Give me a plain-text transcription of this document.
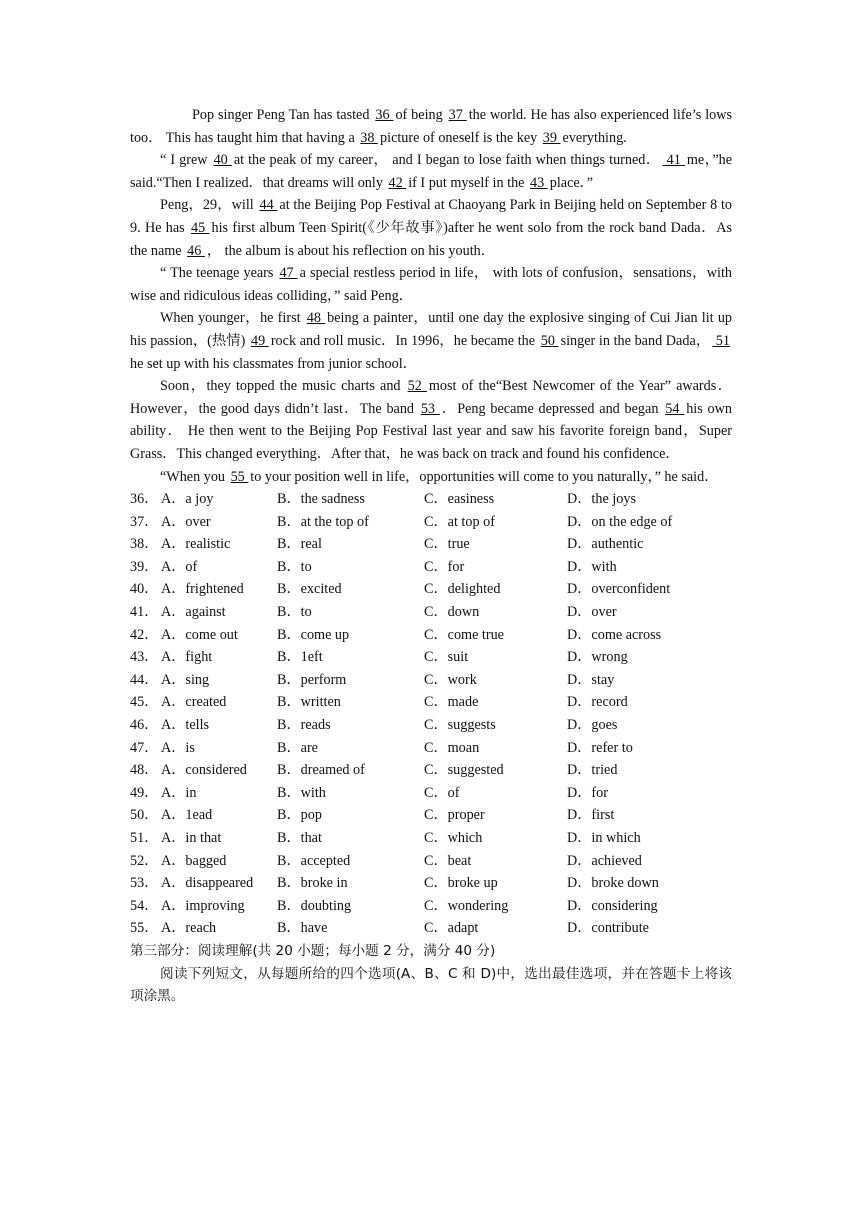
Pop singer Peng Tan has tasted 36 of being 37 the world. He has also experienced life’s lows too． This has taught him that having a 38 picture of oneself is the key 39 everything.

“ I grew 40 at the peak of my career， and I began to lose faith when things turned． 41 me，”he said.“Then I realized．that dreams will only 42 if I put myself in the 43 place．”

Peng，29，will 44 at the Beijing Pop Festival at Chaoyang Park in Beijing held on September 8 to 9. He has 45 his first album Teen Spirit(《少年故事》)after he went solo from the rock band Dada．As the name 46 ， the album is about his reflection on his youth．

“ The teenage years 47 a special restless period in life， with lots of confusion，sensations，with wise and ridiculous ideas colliding，” said Peng．

When younger，he first 48 being a painter，until one day the explosive singing of Cui Jian lit up his passion，(热情) 49 rock and roll music．In 1996，he became the 50 singer in the band Dada， 51 he set up with his classmates from junior school．

Soon，they topped the music charts and 52 most of the“Best Newcomer of the Year” awards．However，the good days didn’t last．The band 53 ．Peng became depressed and began 54 his own ability． He then went to the Beijing Pop Festival last year and saw his favorite foreign band，Super Grass．This changed everything．After that，he was back on track and found his confidence．

“When you 55 to your position well in life，opportunities will come to you naturally，” he said．

36． A．a joy	B．the sadness	C．easiness	D．the joys
37． A．over	B．at the top of	C．at top of	D．on the edge of
38． A．realistic	B．real	C．true	D．authentic
39． A．of	B．to	C．for	D．with
40． A．frightened B．excited	C．delighted	D．overconfident
41． A．against	B．to	C．down	D．over
42． A．come out	B．come up	C．come true	D．come across
43． A．fight	B．1eft	C．suit	D．wrong
44． A．sing	B．perform	C．work	D．stay
45． A．created	B．written	C．made	D．record
46． A．tells	B．reads	C．suggests	D．goes
47． A．is	B．are	C．moan	D．refer to
48． A．considered B．dreamed of	C．suggested	D．tried
49． A．in	B．with	C．of	D．for
50． A．1ead	B．pop	C．proper	D．first
51． A．in that	B．that	C．which	D．in which
52． A．bagged	B．accepted	C．beat	D．achieved
53． A．disappeared B．broke in	C．broke up	D．broke down
54． A．improving B．doubting	C．wondering	D．considering
55． A．reach	B．have	C．adapt	D．contribute

第三部分：阅读理解(共 20 小题；每小题 2 分，满分 40 分)

阅读下列短文，从每题所给的四个选项(A、B、C 和 D)中，选出最佳选项，并在答题卡上将该项涂黑。
